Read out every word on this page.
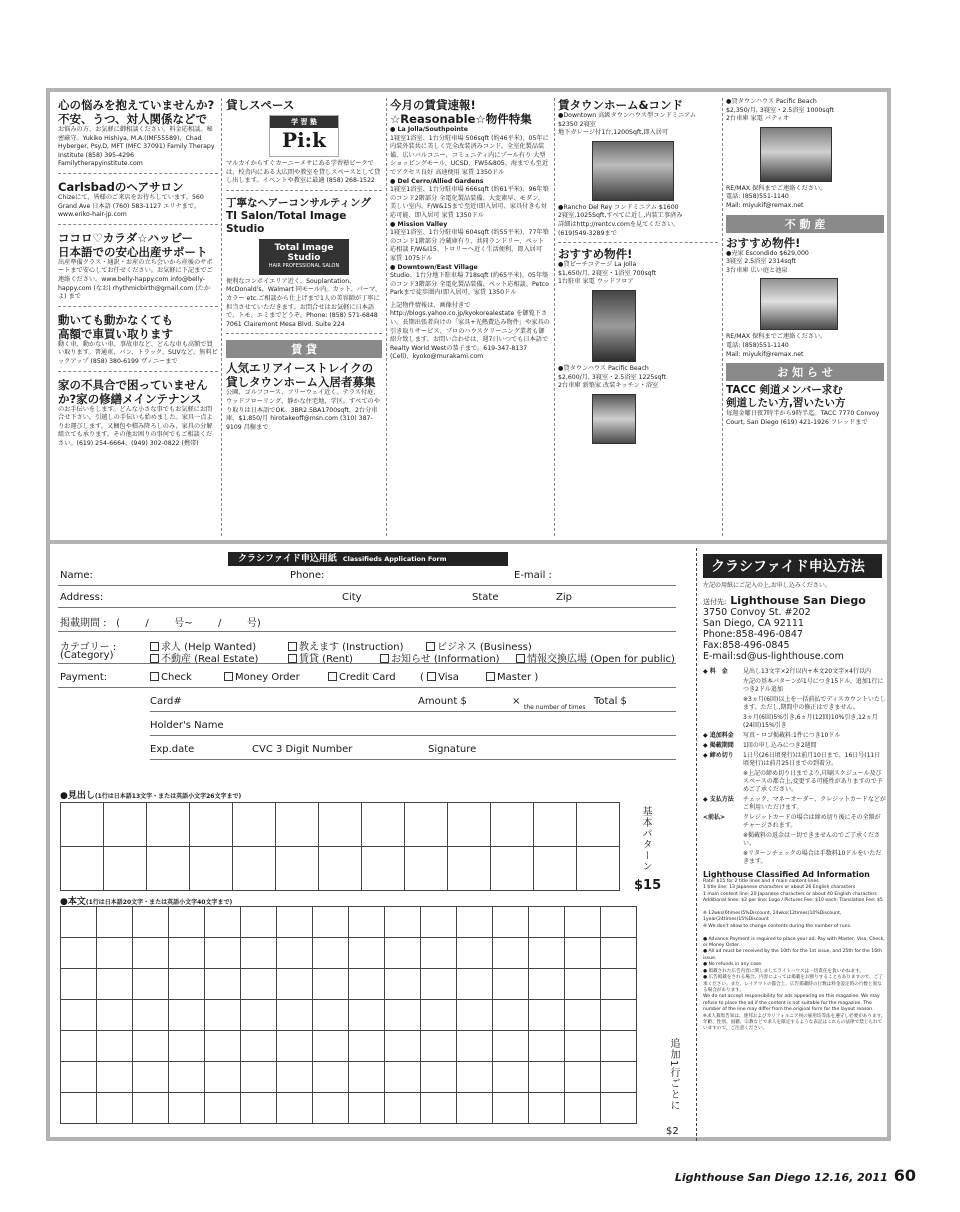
心の悩みを抱えていませんか?
不安、うつ、対人関係などで
お悩みの方、お気軽に御相談ください。料金応相談。秘密厳守。Yukiko Hishiya, M.A.(IMF55589)、Chad Hyberger, Psy.D, MFT (MFC 37091) Family Therapy Institute (858) 395-4296 Familytherapyinstitute.com
Carlsbadのヘアサロン
Chizeにて、皆様のご来店をお待ちしています。560 Grand Ave 日本語 (760) 583-1127 エリナまで。www.eriko-hair-jp.com
ココロ♡カラダ☆ハッピー
日本語での安心出産サポート
出産準備クラス・通訳・お産の立ち会いから産後のサポートまで安心してお任せください。お気軽に下記までご連絡ください。www.belly-happy.com info@belly-happy.com (なお) rhythmicbirth@gmail.com (たかよ) まで
動いても動かなくても
高額で車買い取ります
動く車、動かない車、事故車など、どんな車も高額で買い取ります。普通車、バン、トラック、SUVなど。無料ピックアップ (858) 380-6199 ヴィニーまで
家の不具合で困っていません
か?家の修繕メインテナンス
のお手伝いをします。どんな小さな事でもお気軽にお問合せ下さい。引越しの手伝いも始めました。家具一点よりお運びします。又梱包や積み降ろしのみ、家具の分解組立ても承ります。その他お困りの事何でもご相談ください。(619) 254-6664、(949) 302-0822 (携帯)
貸しスペース
学 習 塾
Pi:k
マルカイからすぐカーニーメサにある学習塾ピークでは、校舎内にある大広間や教室を貸しスペースとして貸し出します。イベントや教室に最適 (858) 268-1522
丁寧なヘアーコンサルティング
TI Salon/Total Image Studio
Total Image Studio
HAIR PROFESSIONAL SALON
便利なコンボイエリア近く、Souplantation、McDonald's、Walmart 同モール内。カット、パーマ、カラー etc.ご相談から仕上げまで1人の美容師が丁寧に担当させていただきます。お問合せはお気軽に日本語で、トモ、エミまでどうぞ。Phone: (858) 571-6848 7061 Clairemont Mesa Blvd. Suite 224
賃 貸
人気エリアイーストレイクの
貸しタウンホーム入居者募集
公園、ゴルフコース、フリーウェイ近く。テラス付庭、ウッドフローリング、静かな住宅地、学区。すべてのやり取りは日本語でOK。3BR2.5BA1700sqft、2台分車庫、$1,850/月 hirotakeoff@msn.com (310) 387-9109 昌樹まで
今月の賃貸速報!
☆Reasonable☆物件特集
● La Jolla/Southpointe
1寝室1浴室、1台分駐車場 506sqft (約46平米)、05年に内装外装共に美しく完全改装済みコンド。全室化製品装備、広いバルコニー、コミュニティ内にプール有り 大型ショッピングモール、UCSD、FW5&805、海までも至近でアクセス良好 高速便用 家賃 1350ドル
● Del Cerro/Allied Gardens
1寝室1浴室、1台分駐車場 666sqft (約61平米)、96年築のコンド2階部分 全電化製品装備、大変素早、モダン、美しい室内、F/W&15まで至近!即入居可、家具付きも対応可能、即入居可 家賃 1350ドル
● Mission Valley
1寝室1浴室、1台分駐車場 604sqft (約55平米)、77年築のコンド1階部分 冷蔵庫有り、共同ランドリー、ペット応相談 F/W&I15、トロリーへ近く生活便利、即入居可 家賃 1075ドル
● Downtown/East Village
Studio、1台分地下駐車場 718sqft (約65平米)、05年築のコンド3階部分 全電化製品装備、ペット応相談、Petco Parkまで徒歩圏内!即入居可、家賃 1350ドル
上記物件情報は、画像付きで http://blogs.yahoo.co.jp/kyokorealestate を御覧下さい。長期出張者向けの「家具+光熱費込み物件」や家具の引き取りサービス、プロのハウスクリーニング業者も御紹介致します。お問い合わせは、週7日いつでも日本語で Realty World Westの恭子まで。619-347-8137 (Cell)、kyoko@murakami.com
賃タウンホーム&コンド
●Downtown 高級タウンハウス型コンドミニアム
$2350 2寝室
地下ガレージ付1台,1200Sqft,即入居可
●Rancho Del Rey コンドミニアム $1600
2寝室,1025Sqft,すべてに近し,内装工事済み
詳細はhttp://rentcv.comを見てください。
(619)549-3289まで
おすすめ物件!
●貸ビーチコテージ La Jolla
$1,650/月, 2寝室・1浴室 700sqft
1台駐車 家電 ウッドフロア
●貸タウンハウス Pacific Beach
$2,600/月, 3寝室・2.5浴室 1225sqft
2台車庫 新築家 改装キッチン・浴室
●貸タウンハウス Pacific Beach
$2,350/月, 3寝室・2.5浴室 1000sqft
2台車庫 家電 パティオ
RE/MAX 保科までご連絡ください。
電話: (858)551-1140
Mail: miyukif@remax.net
不 動 産
おすすめ物件!
●売家 Escondido $629,000
3寝室 2.5浴室 2314sqft
3台車庫 広い庭と池泉
RE/MAX 保科までご連絡ください。
電話: (858)551-1140
Mail: miyukif@remax.net
お 知 ら せ
TACC 剣道メンバー求む
剣道したい方,習いたい方
毎週金曜日夜7時半から9時半迄。TACC 7770 Convoy Court, San Diego (619) 421-1926 フレッドまで
クラシファイド申込用紙 Classifieds Application Form
Name:	Phone:	E-mail :
Address:	City	State	Zip
掲載期間 :   (        /        号~        /        号)
カテゴリー :
(Category)
求人 (Help Wanted)	教えます (Instruction)	ビジネス (Business)
不動産 (Real Estate)	賃貸 (Rent)	お知らせ (Information)	情報交換広場 (Open for public)
Payment:	Check	Money Order	Credit Card ( Visa	Master )
Card#	Amount $	×
the number of times
Total $
Holder's Name
Exp.date	CVC 3 Digit Number	Signature
●見出し(1行は日本語13文字・または英語小文字26文字まで)

基本パターン
$15
●本文(1行は日本語20文字・または英語小文字40文字まで)

追加1行ごとに
$2
クラシファイド申込方法
左記の用紙にご記入の上,お申し込みください。
送付先: Lighthouse San Diego
3750 Convoy St. #202
San Diego, CA 92111
Phone:858-496-0847
Fax:858-496-0845
E-mail:sd@us-lighthouse.com
◆ 料　金	見出し13文字×2行以内+本文20文字×4行以内
左記の基本パターンが1号につき15ドル、追加1行につき2ドル追加
※3ヵ月(6回)以上を一括前払でディスカウントいたします。ただし,期間中の修正はできません。
3ヵ月(6回)5%引き,6ヵ月(12回)10%引き,12ヵ月(24回)15%引き
◆ 追加料金	写真・ロゴ掲載料:1件につき10ドル
◆ 掲載期間	1回の申し込みにつき2週間
◆ 締め切り	1日号(26日頃発行)は前月10日まで、16日号(11日頃発行)は前月25日までの到着分。
※上記の締め切り日までより,印刷スケジュール及びスペースの都合上,変更する可能性がありますので予めご了承ください。
◆ 支払方法	チェック、マネーオーダー、クレジットカードなどがご利用いただけます。
<前払>	クレジットカードの場合は締め切り後にその全額がチャージされます。
※掲載料の返金は一切できませんのでご了承ください。
※リターンチェックの場合は手数料10ドルをいただきます。
Lighthouse Classified Ad Information
Rate: $15 for 2 title lines and 4 main content lines
1 title line: 13 Japanese characters or about 26 English characters
1 main content line: 20 Japanese characters or about 40 English characters
Additional lines: $2 per line; Logo / Pictures Fee: $10 each; Translation Fee: $5

※ 12wks(6times)5%Discount, 24wks(12times)10%Discount, 1year(24times)15%Discount
※ We don't allow to change contents during the number of runs.

● Advance Payment is required to place your ad. Pay with Master, Visa, Check, or Money Order.
● All ad must be received by the 10th for the 1st issue, and 25th for the 16th issue.
● No refunds in any case.
● 掲載された広告内容に関しましてライトハウスは一切責任を負いかねます。
● 広告掲載をされる場合、内容によっては掲載をお断りすることもありますので、ご了承ください。また、レイアウトの都合上、広告掲載時の行数は料金設定時の行数と異なる場合があります。
We do not accept responsibility for ads appearing on this magazine. We may refuse to place the ad if the content is not suitable for the magazine. The number of the line may differ from the original form for the layout reason.
※求人募集告知は、連邦およびカリフォルニア州の雇用均等法を遵守し必要があります。年齢、性別、国籍、宗教などで求人を限定するような表記はこれらの法律で禁じられていますので、ご注意ください。
Lighthouse San Diego 12.16, 2011 60
